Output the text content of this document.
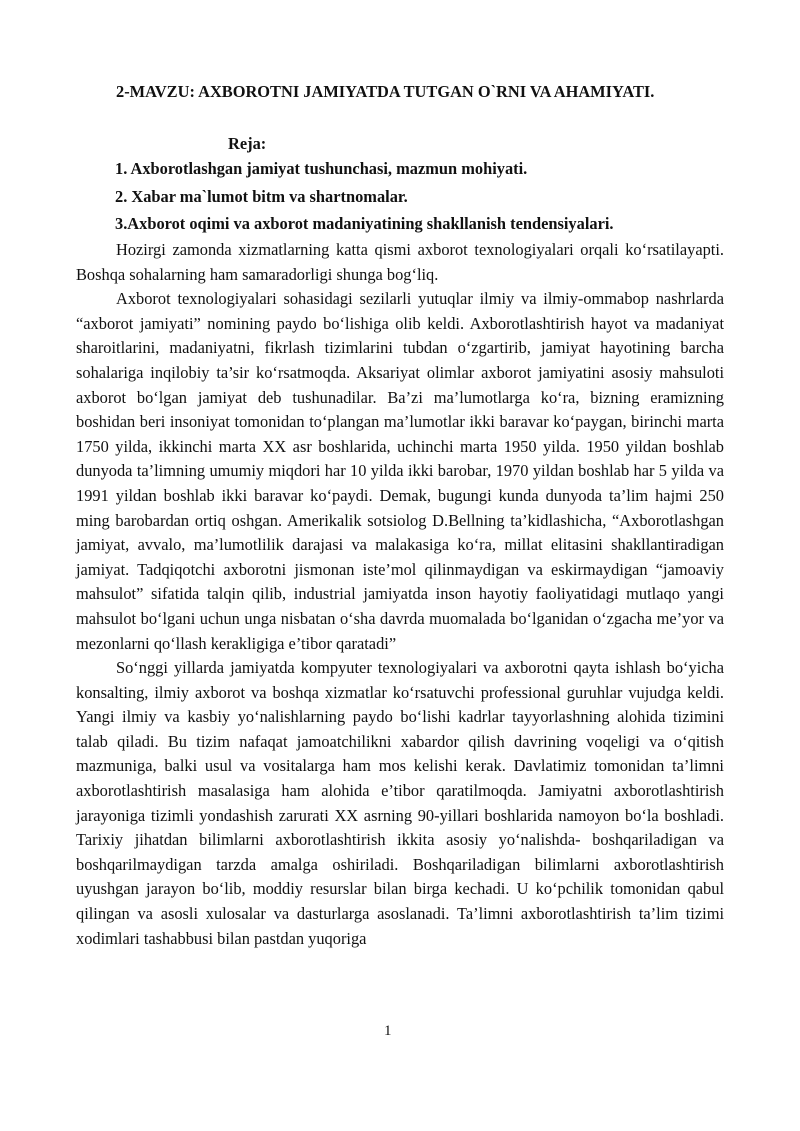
2-MAVZU: AXBOROTNI JAMIYATDA TUTGAN O`RNI VA AHAMIYATI.
Reja:
1. Axborotlashgan jamiyat tushunchasi, mazmun mohiyati.
2. Xabar ma`lumot bitm va shartnomalar.
3.Axborot oqimi va axborot madaniyatining shakllanish tendensiyalari.

Hozirgi zamonda xizmatlarning katta qismi axborot texnologiyalari orqali ko‘rsatilayapti. Boshqa sohalarning ham samaradorligi shunga bog‘liq.

Axborot texnologiyalari sohasidagi sezilarli yutuqlar ilmiy va ilmiy-ommabop nashrlarda “axborot jamiyati” nomining paydo bo‘lishiga olib keldi. Axborotlashtirish hayot va madaniyat sharoitlarini, madaniyatni, fikrlash tizimlarini tubdan o‘zgartirib, jamiyat hayotining barcha sohalariga inqilobiy ta’sir ko‘rsatmoqda. Aksariyat olimlar axborot jamiyatini asosiy mahsuloti axborot bo‘lgan jamiyat deb tushunadilar. Ba’zi ma’lumotlarga ko‘ra, bizning eramizning boshidan beri insoniyat tomonidan to‘plangan ma’lumotlar ikki baravar ko‘paygan, birinchi marta 1750 yilda, ikkinchi marta XX asr boshlarida, uchinchi marta 1950 yilda. 1950 yildan boshlab dunyoda ta’limning umumiy miqdori har 10 yilda ikki barobar, 1970 yildan boshlab har 5 yilda va 1991 yildan boshlab ikki baravar ko‘paydi. Demak, bugungi kunda dunyoda ta’lim hajmi 250 ming barobardan ortiq oshgan. Amerikalik sotsiolog D.Bellning ta’kidlashicha, “Axborotlashgan jamiyat, avvalo, ma’lumotlilik darajasi va malakasiga ko‘ra, millat elitasini shakllantiradigan jamiyat. Tadqiqotchi axborotni jismonan iste’mol qilinmaydigan va eskirmaydigan “jamoaviy mahsulot” sifatida talqin qilib, industrial jamiyatda inson hayotiy faoliyatidagi mutlaqo yangi mahsulot bo‘lgani uchun unga nisbatan o‘sha davrda muomalada bo‘lganidan o‘zgacha me’yor va mezonlarni qo‘llash kerakligiga e’tibor qaratadi”

So‘nggi yillarda jamiyatda kompyuter texnologiyalari va axborotni qayta ishlash bo‘yicha konsalting, ilmiy axborot va boshqa xizmatlar ko‘rsatuvchi professional guruhlar vujudga keldi. Yangi ilmiy va kasbiy yo‘nalishlarning paydo bo‘lishi kadrlar tayyorlashning alohida tizimini talab qiladi. Bu tizim nafaqat jamoatchilikni xabardor qilish davrining voqeligi va o‘qitish mazmuniga, balki usul va vositalarga ham mos kelishi kerak. Davlatimiz tomonidan ta’limni axborotlashtirish masalasiga ham alohida e’tibor qaratilmoqda. Jamiyatni axborotlashtirish jarayoniga tizimli yondashish zarurati XX asrning 90-yillari boshlarida namoyon bo‘la boshladi. Tarixiy jihatdan bilimlarni axborotlashtirish ikkita asosiy yo‘nalishda- boshqariladigan va boshqarilmaydigan tarzda amalga oshiriladi. Boshqariladigan bilimlarni axborotlashtirish uyushgan jarayon bo‘lib, moddiy resurslar bilan birga kechadi. U ko‘pchilik tomonidan qabul qilingan va asosli xulosalar va dasturlarga asoslanadi. Ta’limni axborotlashtirish ta’lim tizimi xodimlari tashabbusi bilan pastdan yuqoriga

1
